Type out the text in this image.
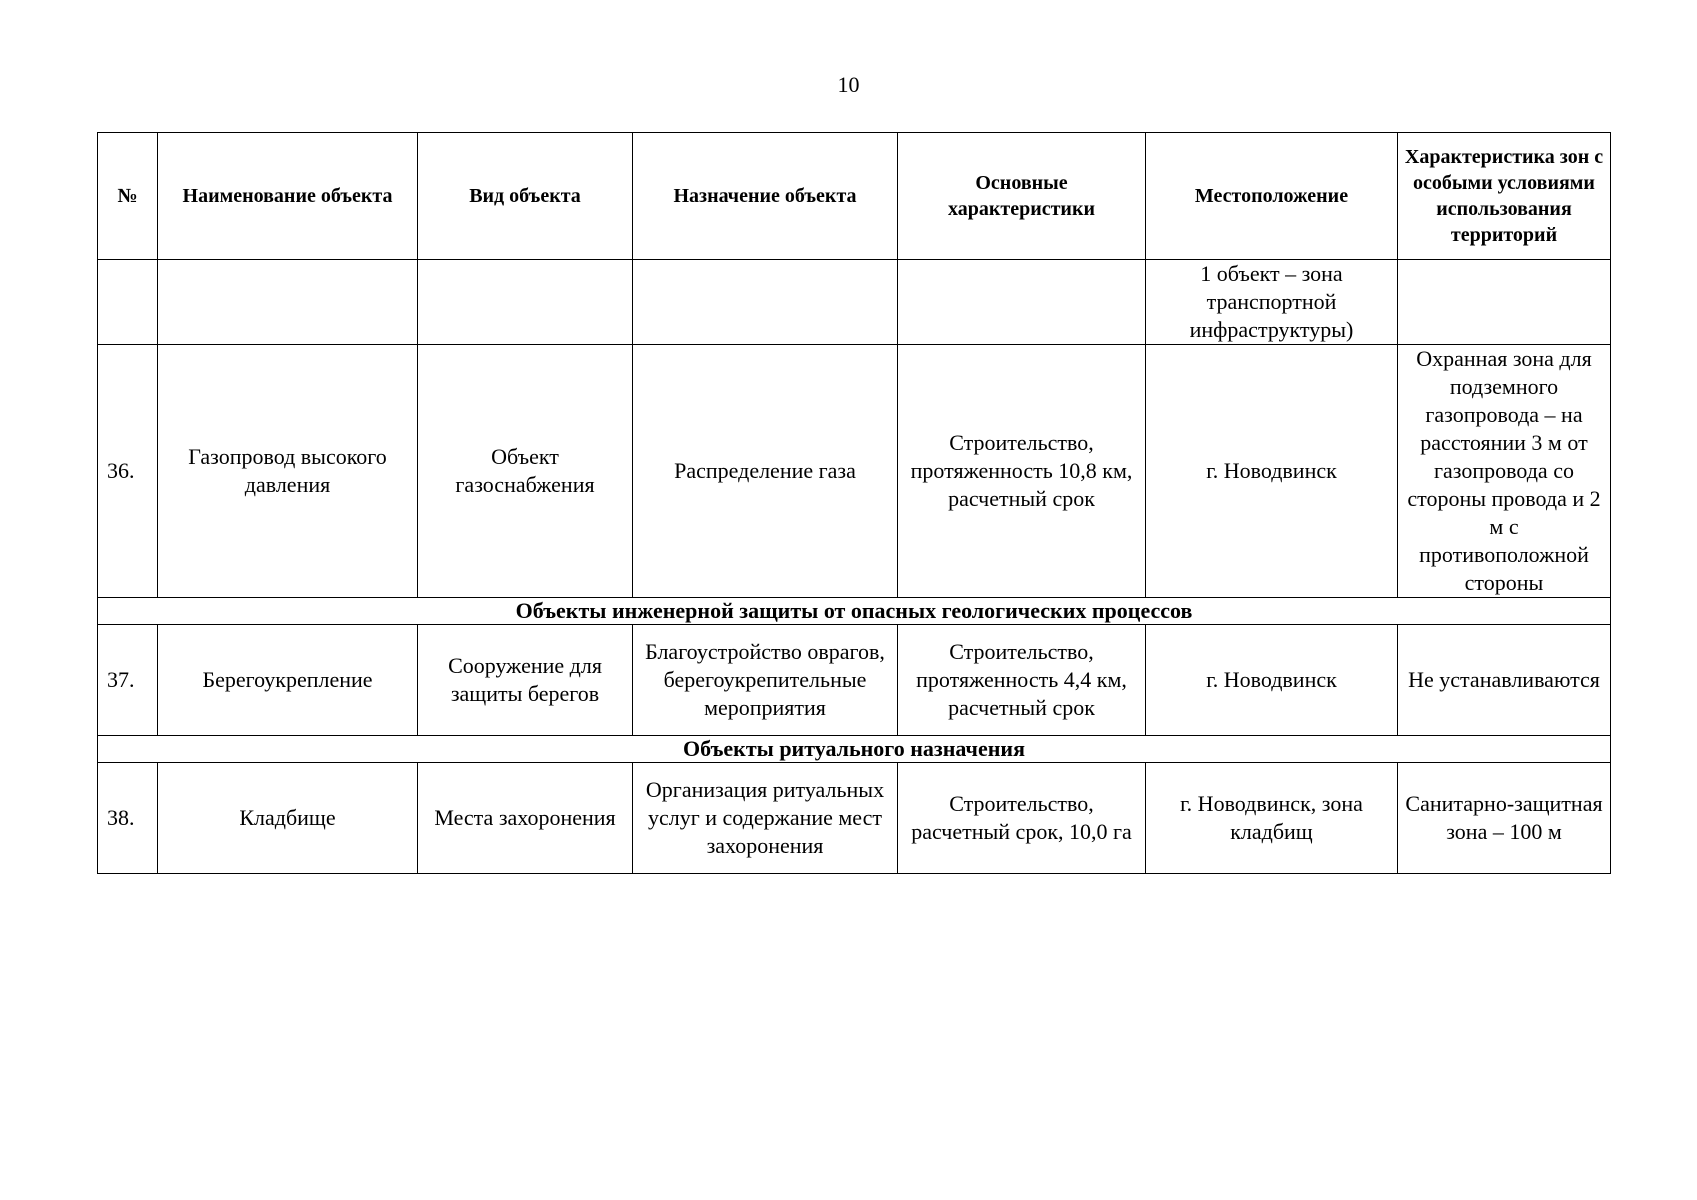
10
№	Наименование объекта	Вид объекта	Назначение объекта	Основные характеристики	Местоположение	Характеристика зон с особыми условиями использования территорий
					1 объект – зона транспортной инфраструктуры)	
36.	Газопровод высокого давления	Объект газоснабжения	Распределение газа	Строительство, протяженность 10,8 км, расчетный срок	г. Новодвинск	Охранная зона для подземного газопровода – на расстоянии 3 м от газопровода со стороны провода и 2 м с противоположной стороны
Объекты инженерной защиты от опасных геологических процессов						
37.	Берегоукрепление	Сооружение для защиты берегов	Благоустройство оврагов, берегоукрепительные мероприятия	Строительство, протяженность 4,4 км, расчетный срок	г. Новодвинск	Не устанавливаются
Объекты ритуального назначения						
38.	Кладбище	Места захоронения	Организация ритуальных услуг и содержание мест захоронения	Строительство, расчетный срок, 10,0 га	г. Новодвинск, зона кладбищ	Санитарно-защитная зона – 100 м
